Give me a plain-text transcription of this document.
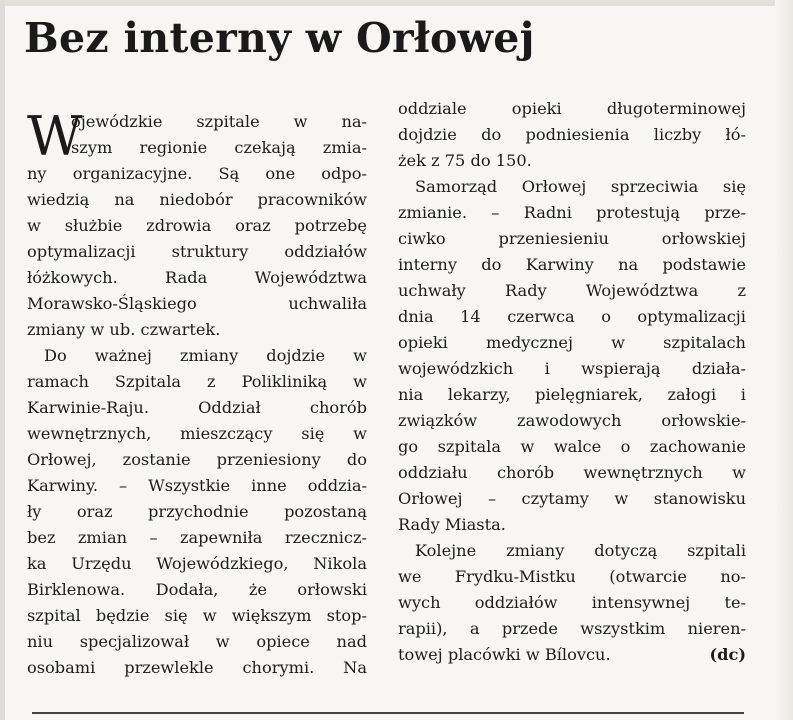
Bez interny w Orłowej
W
ojewódzkie szpitale w na-
szym regionie czekają zmia-
ny organizacyjne. Są one odpo-
wiedzią na niedobór pracowników
w służbie zdrowia oraz potrzebę
optymalizacji struktury oddziałów
łóżkowych. Rada Województwa
Morawsko-Śląskiego uchwaliła
zmiany w ub. czwartek.
Do ważnej zmiany dojdzie w
ramach Szpitala z Polikliniką w
Karwinie-Raju. Oddział chorób
wewnętrznych, mieszczący się w
Orłowej, zostanie przeniesiony do
Karwiny. – Wszystkie inne oddzia-
ły oraz przychodnie pozostaną
bez zmian – zapewniła rzecznicz-
ka Urzędu Wojewódzkiego, Nikola
Birklenowa. Dodała, że orłowski
szpital będzie się w większym stop-
niu specjalizował w opiece nad
osobami przewlekle chorymi. Na
oddziale opieki długoterminowej
dojdzie do podniesienia liczby łó-
żek z 75 do 150.
Samorząd Orłowej sprzeciwia się
zmianie. – Radni protestują prze-
ciwko przeniesieniu orłowskiej
interny do Karwiny na podstawie
uchwały Rady Województwa z
dnia 14 czerwca o optymalizacji
opieki medycznej w szpitalach
wojewódzkich i wspierają działa-
nia lekarzy, pielęgniarek, załogi i
związków zawodowych orłowskie-
go szpitala w walce o zachowanie
oddziału chorób wewnętrznych w
Orłowej – czytamy w stanowisku
Rady Miasta.
Kolejne zmiany dotyczą szpitali
we Frydku-Mistku (otwarcie no-
wych oddziałów intensywnej te-
rapii), a przede wszystkim nieren-
towej placówki w Bílovcu.	(dc)
